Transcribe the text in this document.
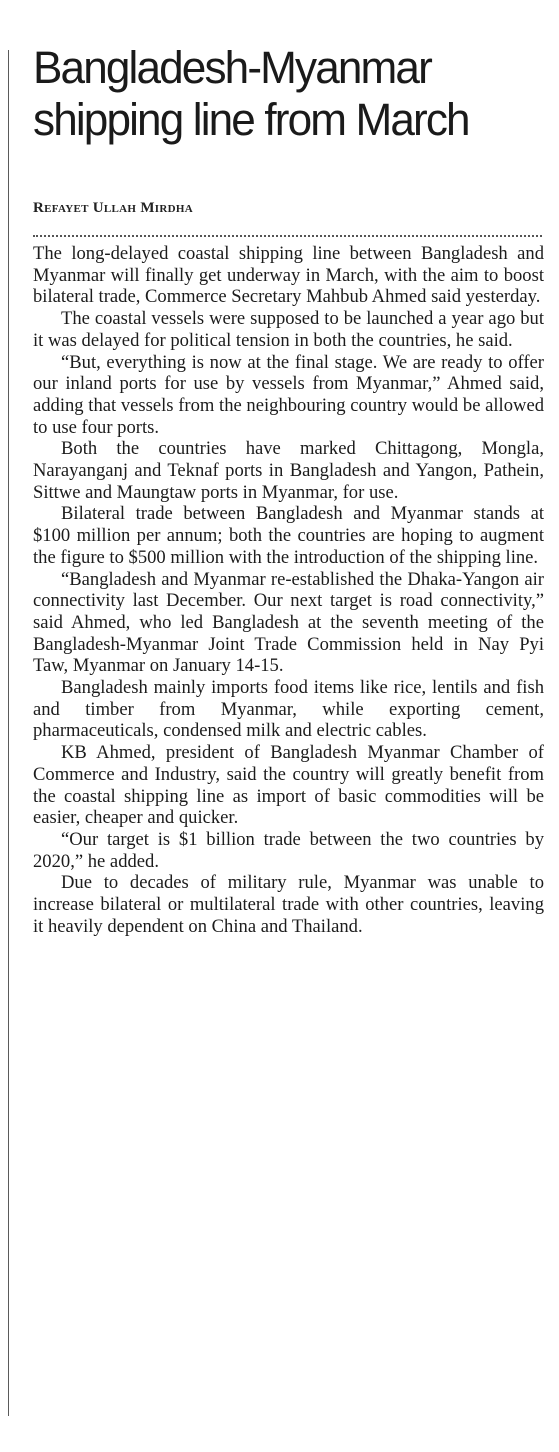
Bangladesh-Myanmar
shipping line from March
Refayet Ullah Mirdha

The long-delayed coastal shipping line between Bangladesh and Myanmar will finally get underway in March, with the aim to boost bilateral trade, Commerce Secretary Mahbub Ahmed said yesterday.

The coastal vessels were supposed to be launched a year ago but it was delayed for political tension in both the countries, he said.

“But, everything is now at the final stage. We are ready to offer our inland ports for use by vessels from Myanmar,” Ahmed said, adding that vessels from the neighbouring country would be allowed to use four ports.

Both the countries have marked Chittagong, Mongla, Narayanganj and Teknaf ports in Bangladesh and Yangon, Pathein, Sittwe and Maungtaw ports in Myanmar, for use.

Bilateral trade between Bangladesh and Myanmar stands at $100 million per annum; both the countries are hoping to augment the figure to $500 million with the introduction of the shipping line.

“Bangladesh and Myanmar re-established the Dhaka-Yangon air connectivity last December. Our next target is road connectivity,” said Ahmed, who led Bangladesh at the seventh meeting of the Bangladesh-Myanmar Joint Trade Commission held in Nay Pyi Taw, Myanmar on January 14-15.

Bangladesh mainly imports food items like rice, lentils and fish and timber from Myanmar, while exporting cement, pharmaceuticals, condensed milk and electric cables.

KB Ahmed, president of Bangladesh Myanmar Chamber of Commerce and Industry, said the country will greatly benefit from the coastal shipping line as import of basic commodities will be easier, cheaper and quicker.

“Our target is $1 billion trade between the two countries by 2020,” he added.

Due to decades of military rule, Myanmar was unable to increase bilateral or multilateral trade with other countries, leaving it heavily dependent on China and Thailand.
